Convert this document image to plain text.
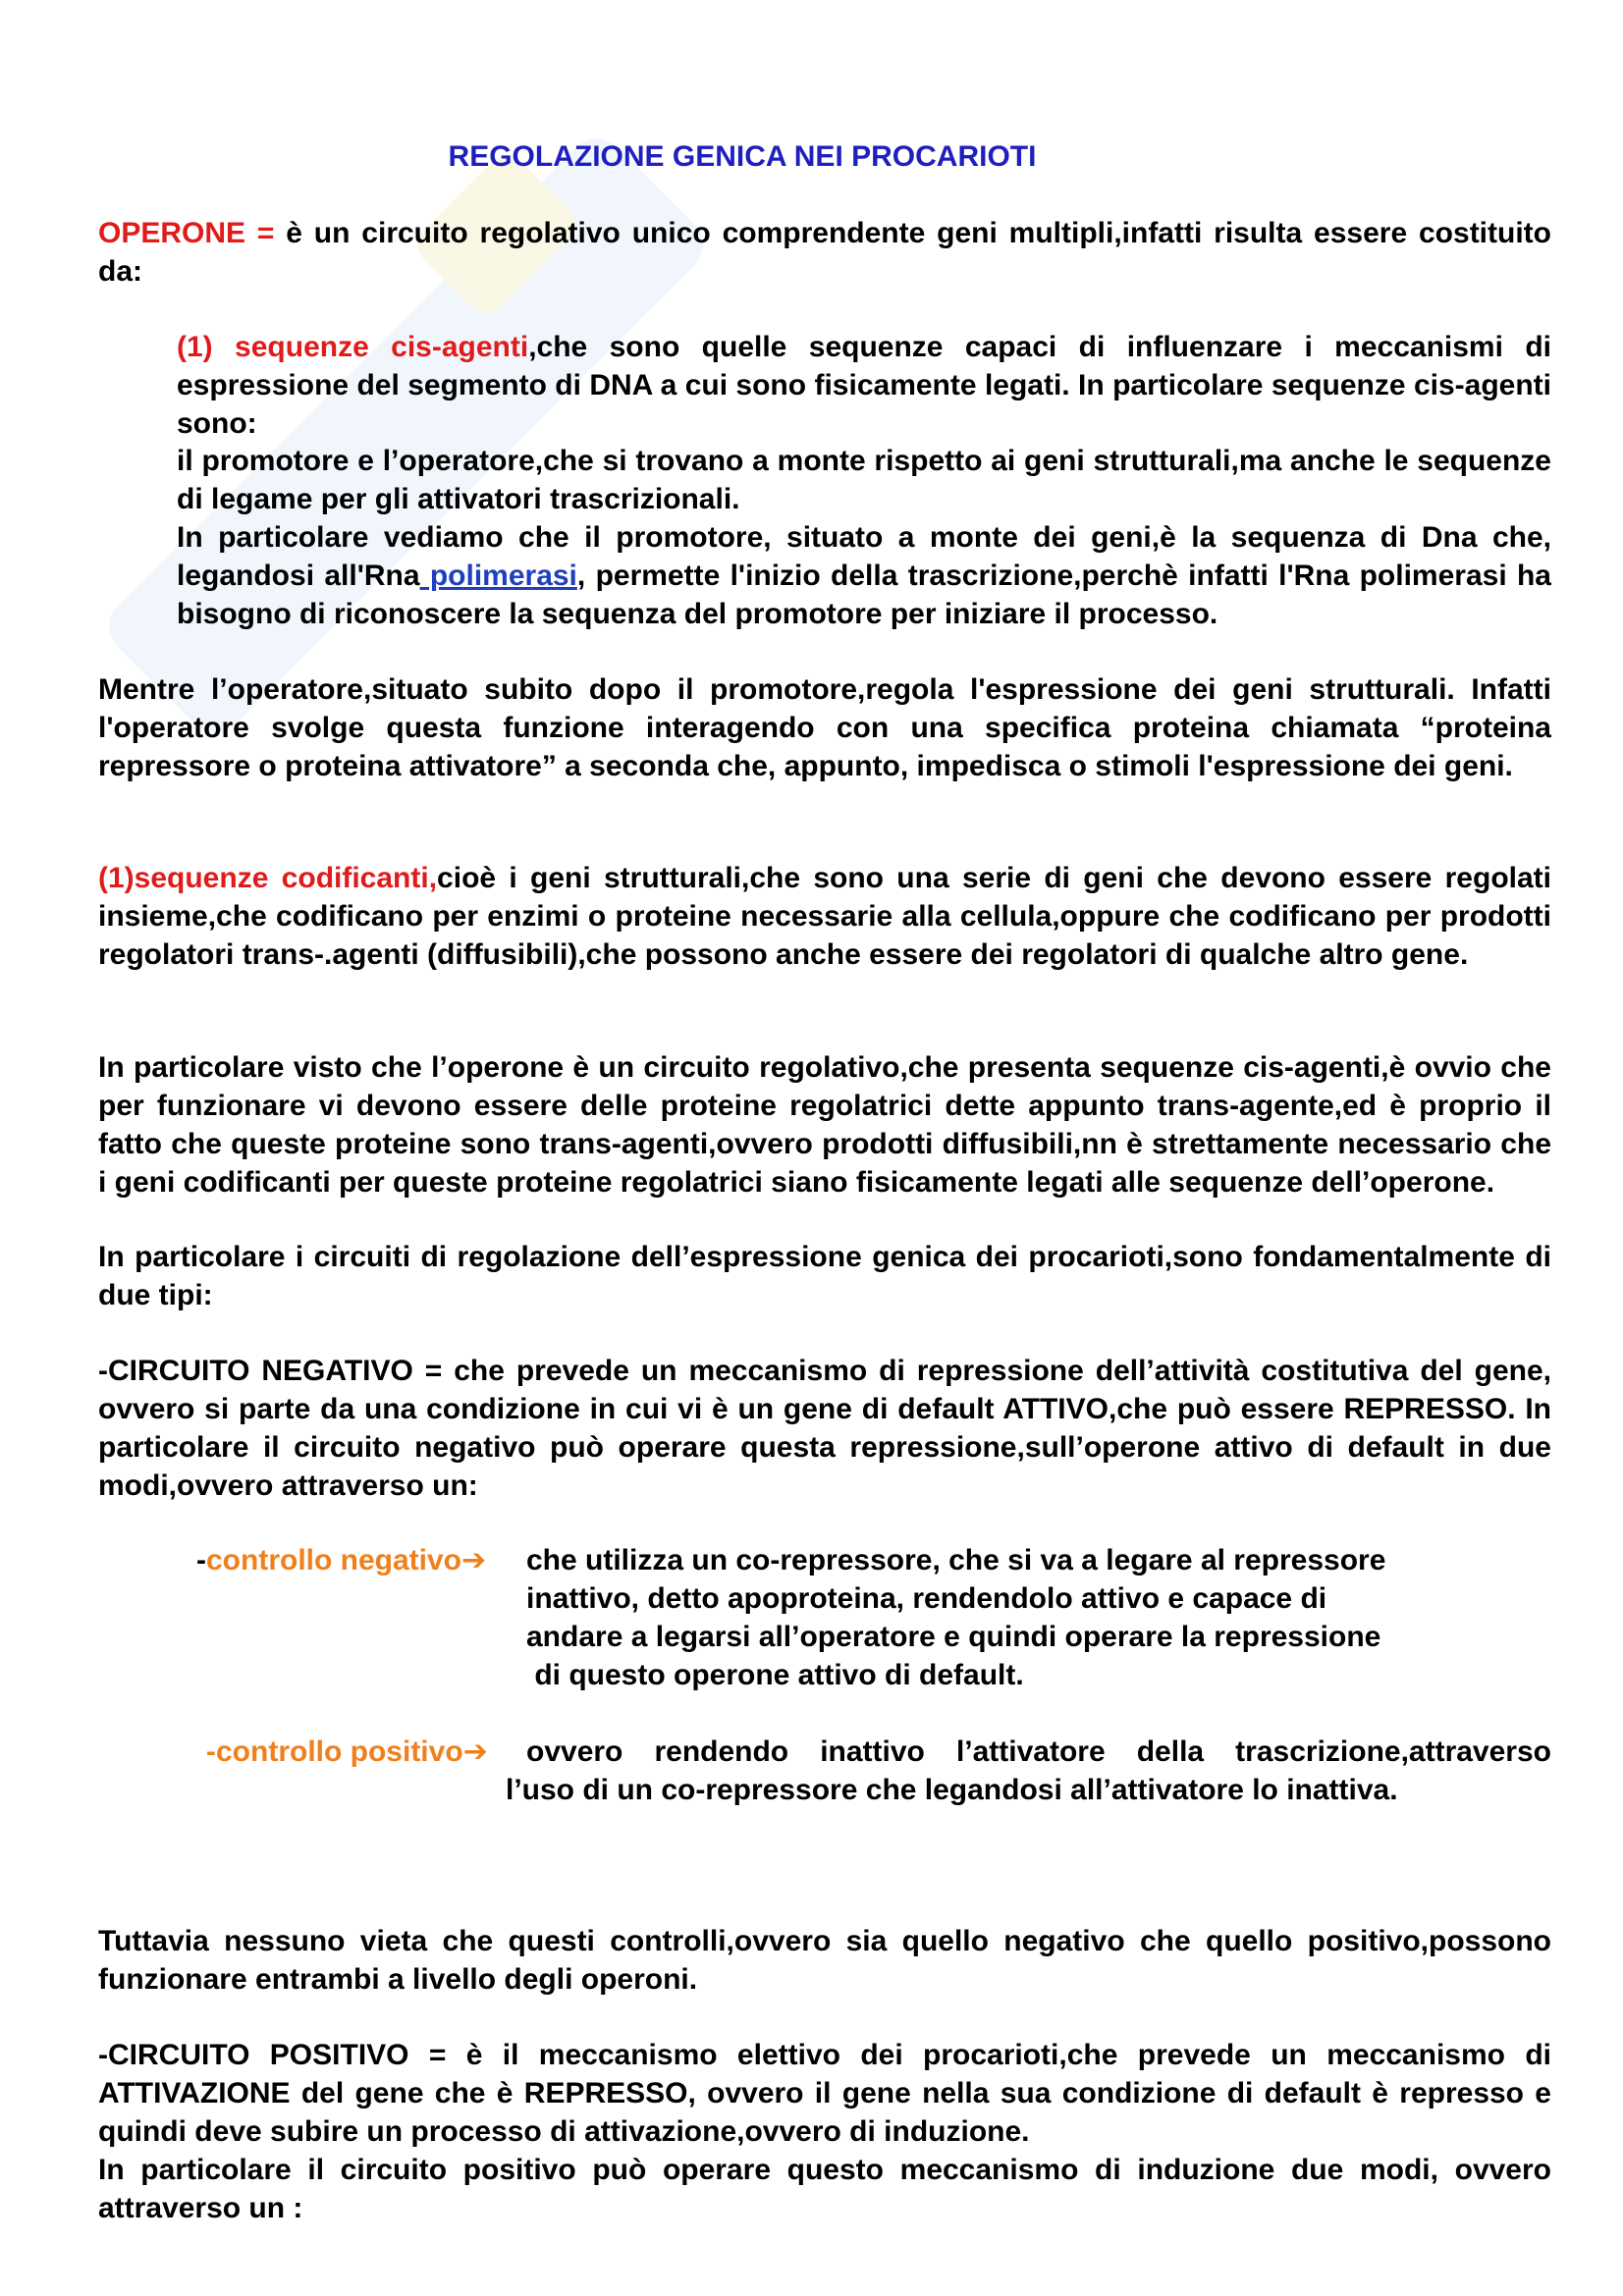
REGOLAZIONE GENICA NEI PROCARIOTI
OPERONE = è un circuito regolativo unico comprendente geni multipli,infatti risulta essere costituito da:
(1) sequenze cis-agenti,che sono quelle sequenze capaci di influenzare i meccanismi di espressione del segmento di DNA a cui sono fisicamente legati. In particolare sequenze cis-agenti sono:
il promotore e l’operatore,che si trovano a monte rispetto ai geni strutturali,ma anche le sequenze di legame per gli attivatori trascrizionali.
In particolare vediamo che il promotore, situato a monte dei geni,è la sequenza di Dna che, legandosi all'Rna polimerasi, permette l'inizio della trascrizione,perchè infatti l'Rna polimerasi ha bisogno di riconoscere la sequenza del promotore per iniziare il processo.
Mentre l’operatore,situato subito dopo il promotore,regola l'espressione dei geni strutturali. Infatti l'operatore svolge questa funzione interagendo con una specifica proteina chiamata “proteina repressore o proteina attivatore” a seconda che, appunto, impedisca o stimoli l'espressione dei geni.
(1)sequenze codificanti,cioè i geni strutturali,che sono una serie di geni che devono essere regolati insieme,che codificano per enzimi o proteine necessarie alla cellula,oppure che codificano per prodotti regolatori trans-.agenti (diffusibili),che possono anche essere dei regolatori di qualche altro gene.
In particolare visto che l’operone è un circuito regolativo,che presenta sequenze cis-agenti,è ovvio che per funzionare vi devono essere delle proteine regolatrici dette appunto trans-agente,ed è proprio il fatto che queste proteine sono trans-agenti,ovvero prodotti diffusibili,nn è strettamente necessario che i geni codificanti per queste proteine regolatrici siano fisicamente legati alle sequenze dell’operone.
In particolare i circuiti di regolazione dell’espressione genica dei procarioti,sono fondamentalmente di due tipi:
-CIRCUITO NEGATIVO = che prevede un meccanismo di repressione dell’attività costitutiva del gene, ovvero si parte da una condizione in cui vi è un gene di default ATTIVO,che può essere REPRESSO. In particolare il circuito negativo può operare questa repressione,sull’operone attivo di default in due modi,ovvero attraverso un:
-controllo negativo➔ che utilizza un co-repressore, che si va a legare al repressore
inattivo, detto apoproteina, rendendolo attivo e capace di
andare a legarsi all’operatore e quindi operare la repressione
di questo operone attivo di default.
-controllo positivo➔ ovvero rendendo inattivo l’attivatore della trascrizione,attraverso
l’uso di un co-repressore che legandosi all’attivatore lo inattiva.
Tuttavia nessuno vieta che questi controlli,ovvero sia quello negativo che quello positivo,possono funzionare entrambi a livello degli operoni.
-CIRCUITO POSITIVO = è il meccanismo elettivo dei procarioti,che prevede un meccanismo di ATTIVAZIONE del gene che è REPRESSO, ovvero il gene nella sua condizione di default è represso e quindi deve subire un processo di attivazione,ovvero di induzione.
In particolare il circuito positivo può operare questo meccanismo di induzione due modi, ovvero attraverso un :
